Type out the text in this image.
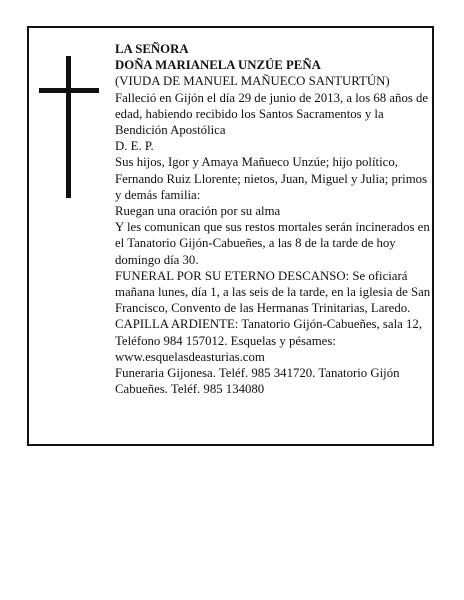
LA SEÑORA

DOÑA MARIANELA UNZÚE PEÑA

(VIUDA DE MANUEL MAÑUECO SANTURTÚN)

Falleció en Gijón el día 29 de junio de 2013, a los 68 años de edad, habiendo recibido los Santos Sacramentos y la Bendición Apostólica

D. E. P.

Sus hijos, Igor y Amaya Mañueco Unzúe; hijo político, Fernando Ruiz Llorente; nietos, Juan, Miguel y Julia; primos y demás familia:

Ruegan una oración por su alma

Y les comunican que sus restos mortales serán incinerados en el Tanatorio Gijón-Cabueñes, a las 8 de la tarde de hoy domingo día 30.

FUNERAL POR SU ETERNO DESCANSO: Se oficiará mañana lunes, día 1, a las seis de la tarde, en la iglesia de San Francisco, Convento de las Hermanas Trinitarias, Laredo.

CAPILLA ARDIENTE: Tanatorio Gijón-Cabueñes, sala 12, Teléfono 984 157012. Esquelas y pésames: www.esquelasdeasturias.com

Funeraria Gijonesa. Teléf. 985 341720. Tanatorio Gijón Cabueñes. Teléf. 985 134080
